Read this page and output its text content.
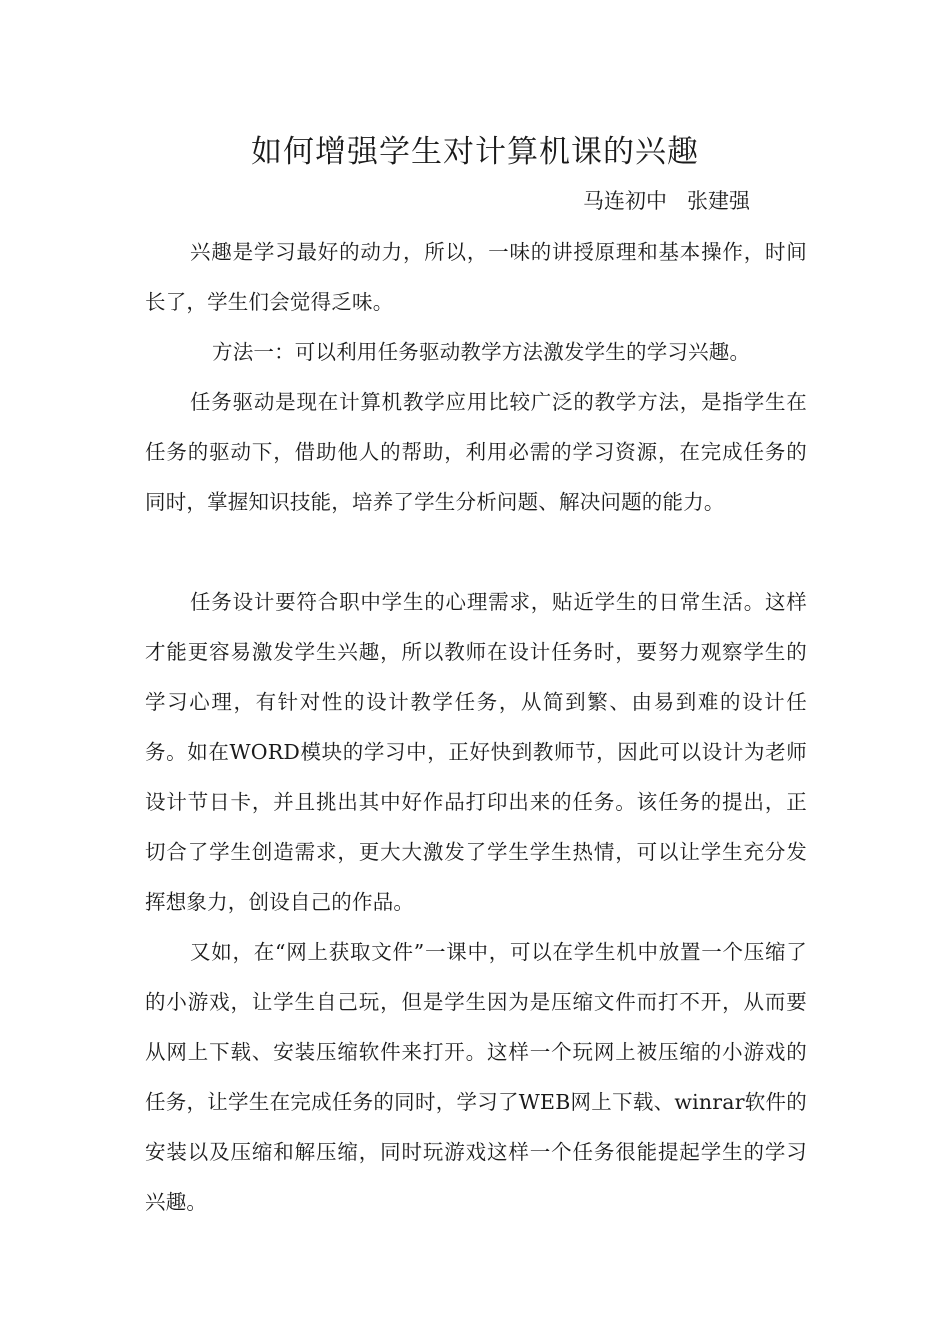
如何增强学生对计算机课的兴趣
马连初中   张建强

兴趣是学习最好的动力，所以，一味的讲授原理和基本操作，时间长了，学生们会觉得乏味。

方法一：可以利用任务驱动教学方法激发学生的学习兴趣。

任务驱动是现在计算机教学应用比较广泛的教学方法，是指学生在任务的驱动下，借助他人的帮助，利用必需的学习资源，在完成任务的同时，掌握知识技能，培养了学生分析问题、解决问题的能力。

任务设计要符合职中学生的心理需求，贴近学生的日常生活。这样才能更容易激发学生兴趣，所以教师在设计任务时，要努力观察学生的学习心理，有针对性的设计教学任务，从简到繁、由易到难的设计任务。如在WORD模块的学习中，正好快到教师节，因此可以设计为老师设计节日卡，并且挑出其中好作品打印出来的任务。该任务的提出，正切合了学生创造需求，更大大激发了学生学生热情，可以让学生充分发挥想象力，创设自己的作品。

又如，在“网上获取文件”一课中，可以在学生机中放置一个压缩了的小游戏，让学生自己玩，但是学生因为是压缩文件而打不开，从而要从网上下载、安装压缩软件来打开。这样一个玩网上被压缩的小游戏的任务，让学生在完成任务的同时，学习了WEB网上下载、winrar软件的安装以及压缩和解压缩，同时玩游戏这样一个任务很能提起学生的学习兴趣。
